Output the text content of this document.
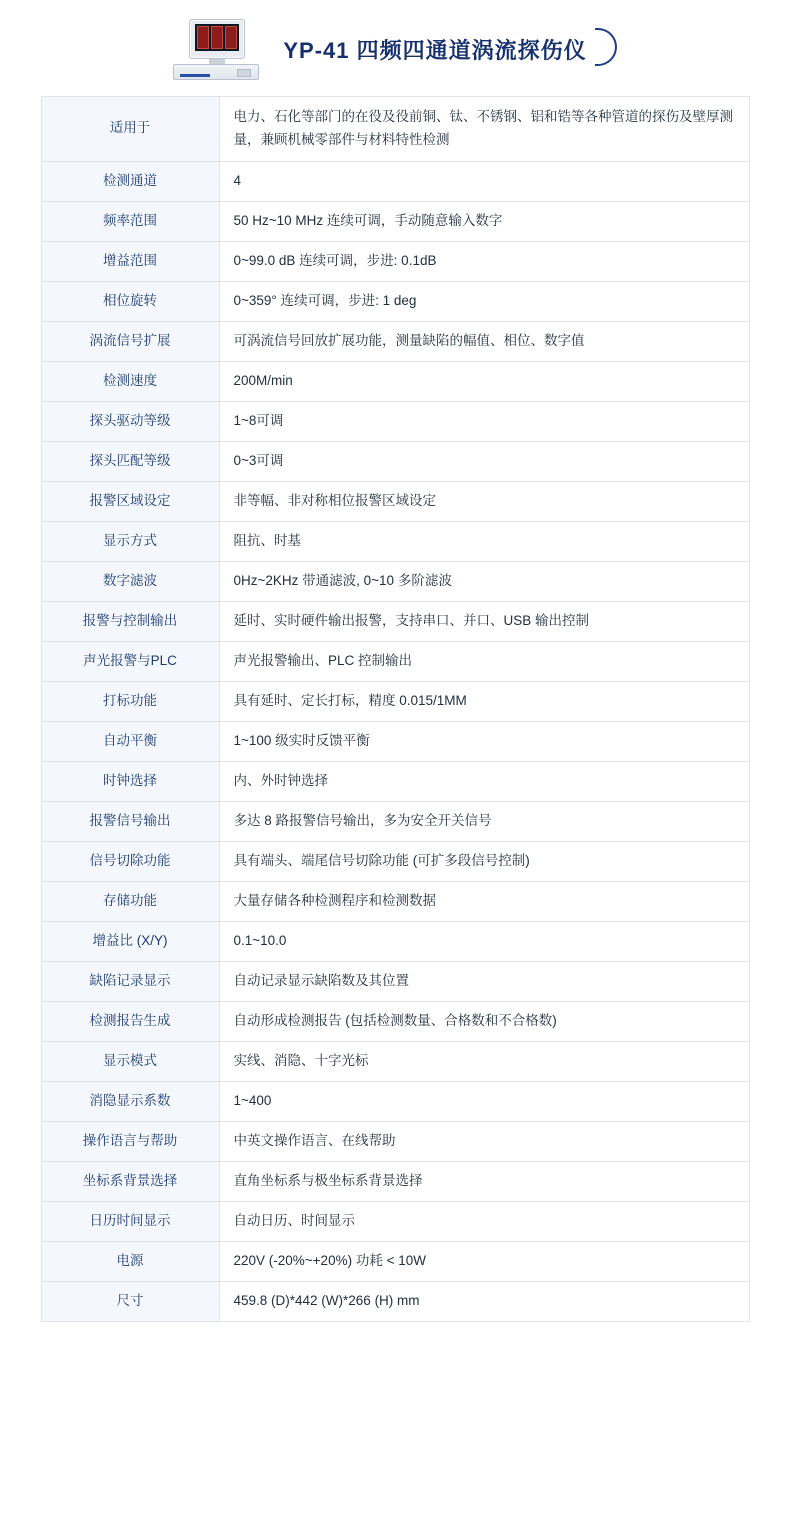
YP-41 四频四通道涡流探伤仪
适用于	电力、石化等部门的在役及役前铜、钛、不锈钢、铝和锆等各种管道的探伤及壁厚测量，兼顾机械零部件与材料特性检测
检测通道	4
频率范围	50 Hz~10 MHz 连续可调，手动随意输入数字
增益范围	0~99.0 dB 连续可调，步进: 0.1dB
相位旋转	0~359° 连续可调，步进: 1 deg
涡流信号扩展	可涡流信号回放扩展功能，测量缺陷的幅值、相位、数字值
检测速度	200M/min
探头驱动等级	1~8可调
探头匹配等级	0~3可调
报警区域设定	非等幅、非对称相位报警区域设定
显示方式	阻抗、时基
数字滤波	0Hz~2KHz 带通滤波, 0~10 多阶滤波
报警与控制输出	延时、实时硬件输出报警，支持串口、并口、USB 输出控制
声光报警与PLC	声光报警输出、PLC 控制输出
打标功能	具有延时、定长打标，精度 0.015/1MM
自动平衡	1~100 级实时反馈平衡
时钟选择	内、外时钟选择
报警信号输出	多达 8 路报警信号输出，多为安全开关信号
信号切除功能	具有端头、端尾信号切除功能 (可扩多段信号控制)
存储功能	大量存储各种检测程序和检测数据
增益比 (X/Y)	0.1~10.0
缺陷记录显示	自动记录显示缺陷数及其位置
检测报告生成	自动形成检测报告 (包括检测数量、合格数和不合格数)
显示模式	实线、消隐、十字光标
消隐显示系数	1~400
操作语言与帮助	中英文操作语言、在线帮助
坐标系背景选择	直角坐标系与极坐标系背景选择
日历时间显示	自动日历、时间显示
电源	220V (-20%~+20%) 功耗 < 10W
尺寸	459.8 (D)*442 (W)*266 (H) mm
